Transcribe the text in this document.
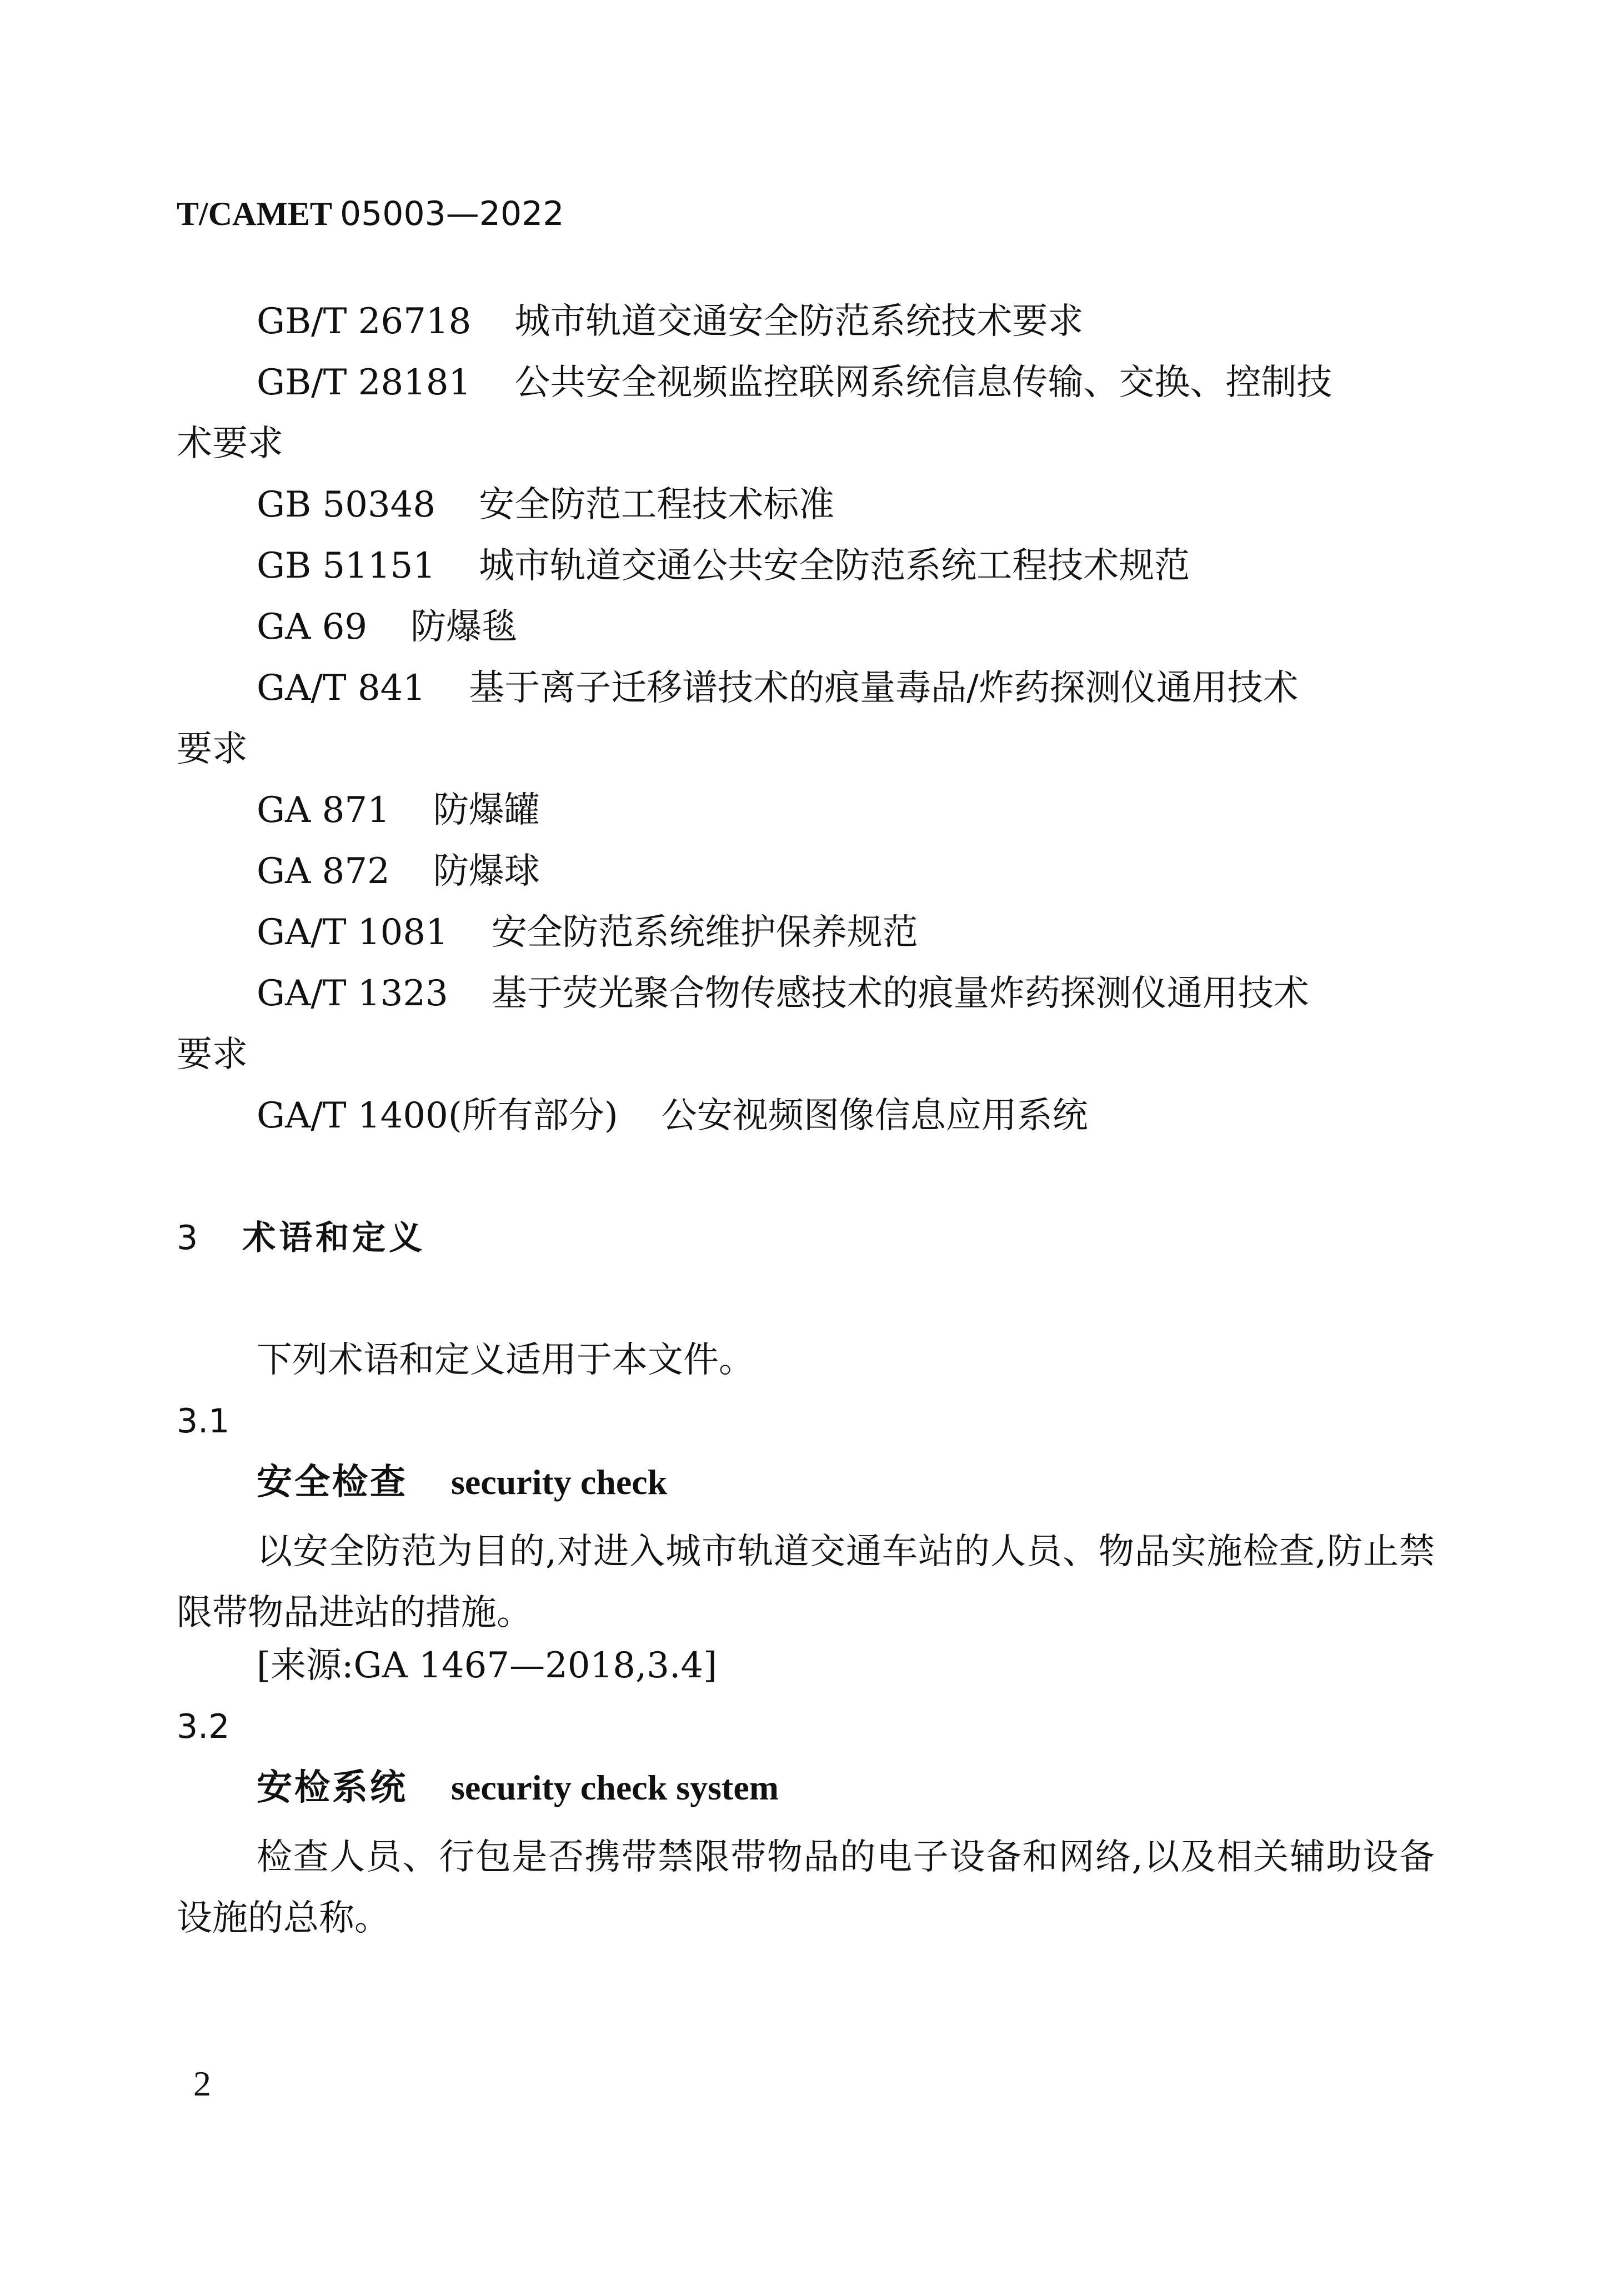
T/CAMET 05003—2022
GB/T 26718 城市轨道交通安全防范系统技术要求
GB/T 28181 公共安全视频监控联网系统信息传输、交换、控制技
术要求
GB 50348 安全防范工程技术标准
GB 51151 城市轨道交通公共安全防范系统工程技术规范
GA 69 防爆毯
GA/T 841 基于离子迁移谱技术的痕量毒品/炸药探测仪通用技术
要求
GA 871 防爆罐
GA 872 防爆球
GA/T 1081 安全防范系统维护保养规范
GA/T 1323 基于荧光聚合物传感技术的痕量炸药探测仪通用技术
要求
GA/T 1400(所有部分) 公安视频图像信息应用系统
3 术语和定义
下列术语和定义适用于本文件。
3.1
安全检查 security check
以安全防范为目的,对进入城市轨道交通车站的人员、物品实施检查,防止禁限带物品进站的措施。
[来源:GA 1467—2018,3.4]
3.2
安检系统 security check system
检查人员、行包是否携带禁限带物品的电子设备和网络,以及相关辅助设备设施的总称。
2
